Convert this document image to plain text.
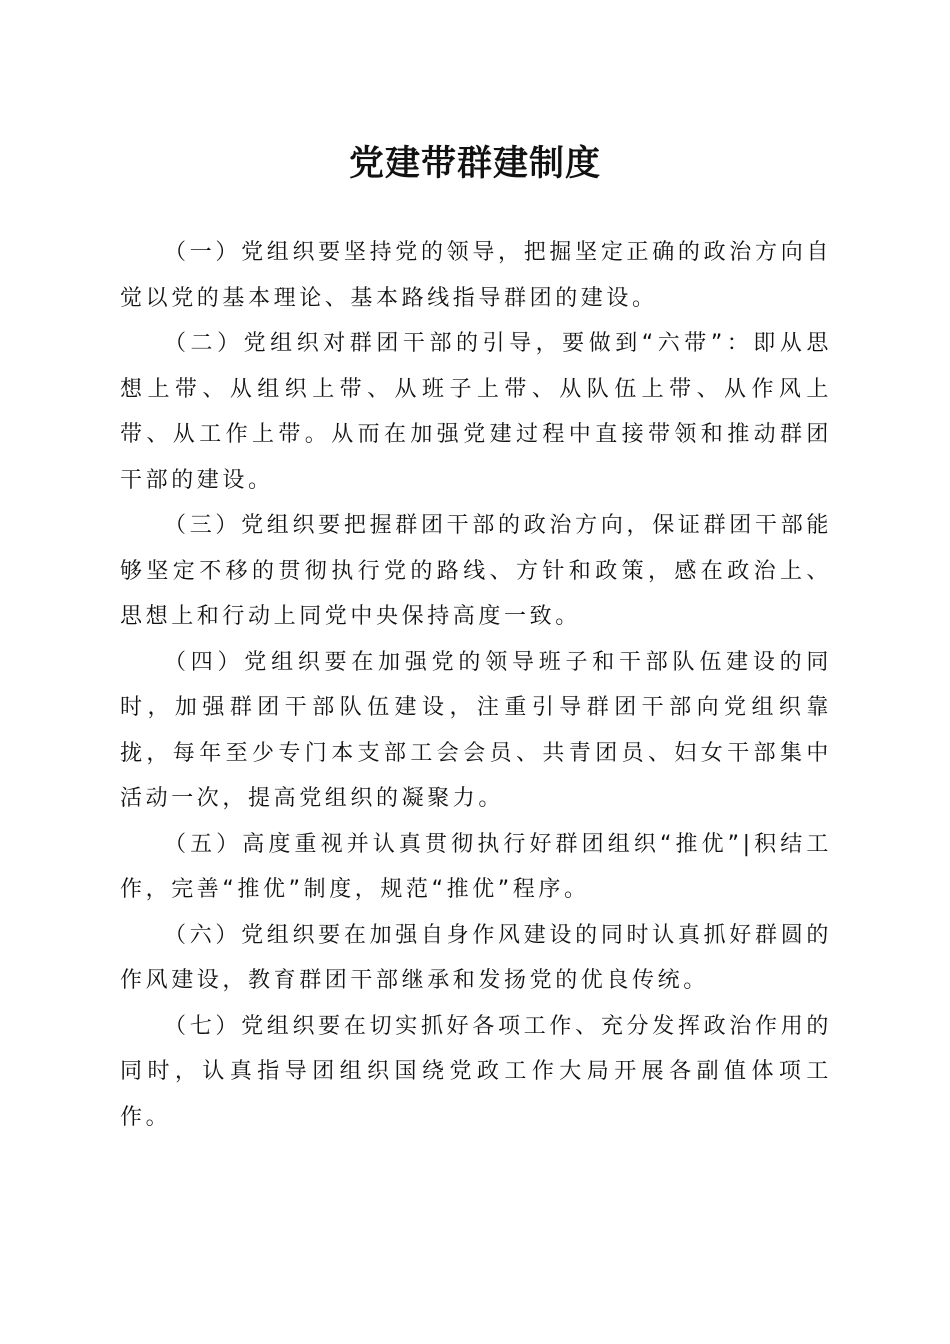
党建带群建制度

（一）党组织要坚持党的领导，把掘坚定正确的政治方向自觉以党的基本理论、基本路线指导群团的建设。

（二）党组织对群团干部的引导，要做到“六带”：即从思想上带、从组织上带、从班子上带、从队伍上带、从作风上带、从工作上带。从而在加强党建过程中直接带领和推动群团干部的建设。

（三）党组织要把握群团干部的政治方向，保证群团干部能够坚定不移的贯彻执行党的路线、方针和政策，感在政治上、思想上和行动上同党中央保持高度一致。

（四）党组织要在加强党的领导班子和干部队伍建设的同时，加强群团干部队伍建设，注重引导群团干部向党组织靠拢，每年至少专门本支部工会会员、共青团员、妇女干部集中活动一次，提高党组织的凝聚力。

（五）高度重视并认真贯彻执行好群团组织“推优”|积结工作，完善“推优”制度，规范“推优”程序。

（六）党组织要在加强自身作风建设的同时认真抓好群圆的作风建设，教育群团干部继承和发扬党的优良传统。

（七）党组织要在切实抓好各项工作、充分发挥政治作用的同时，认真指导团组织国绕党政工作大局开展各副值体项工作。
